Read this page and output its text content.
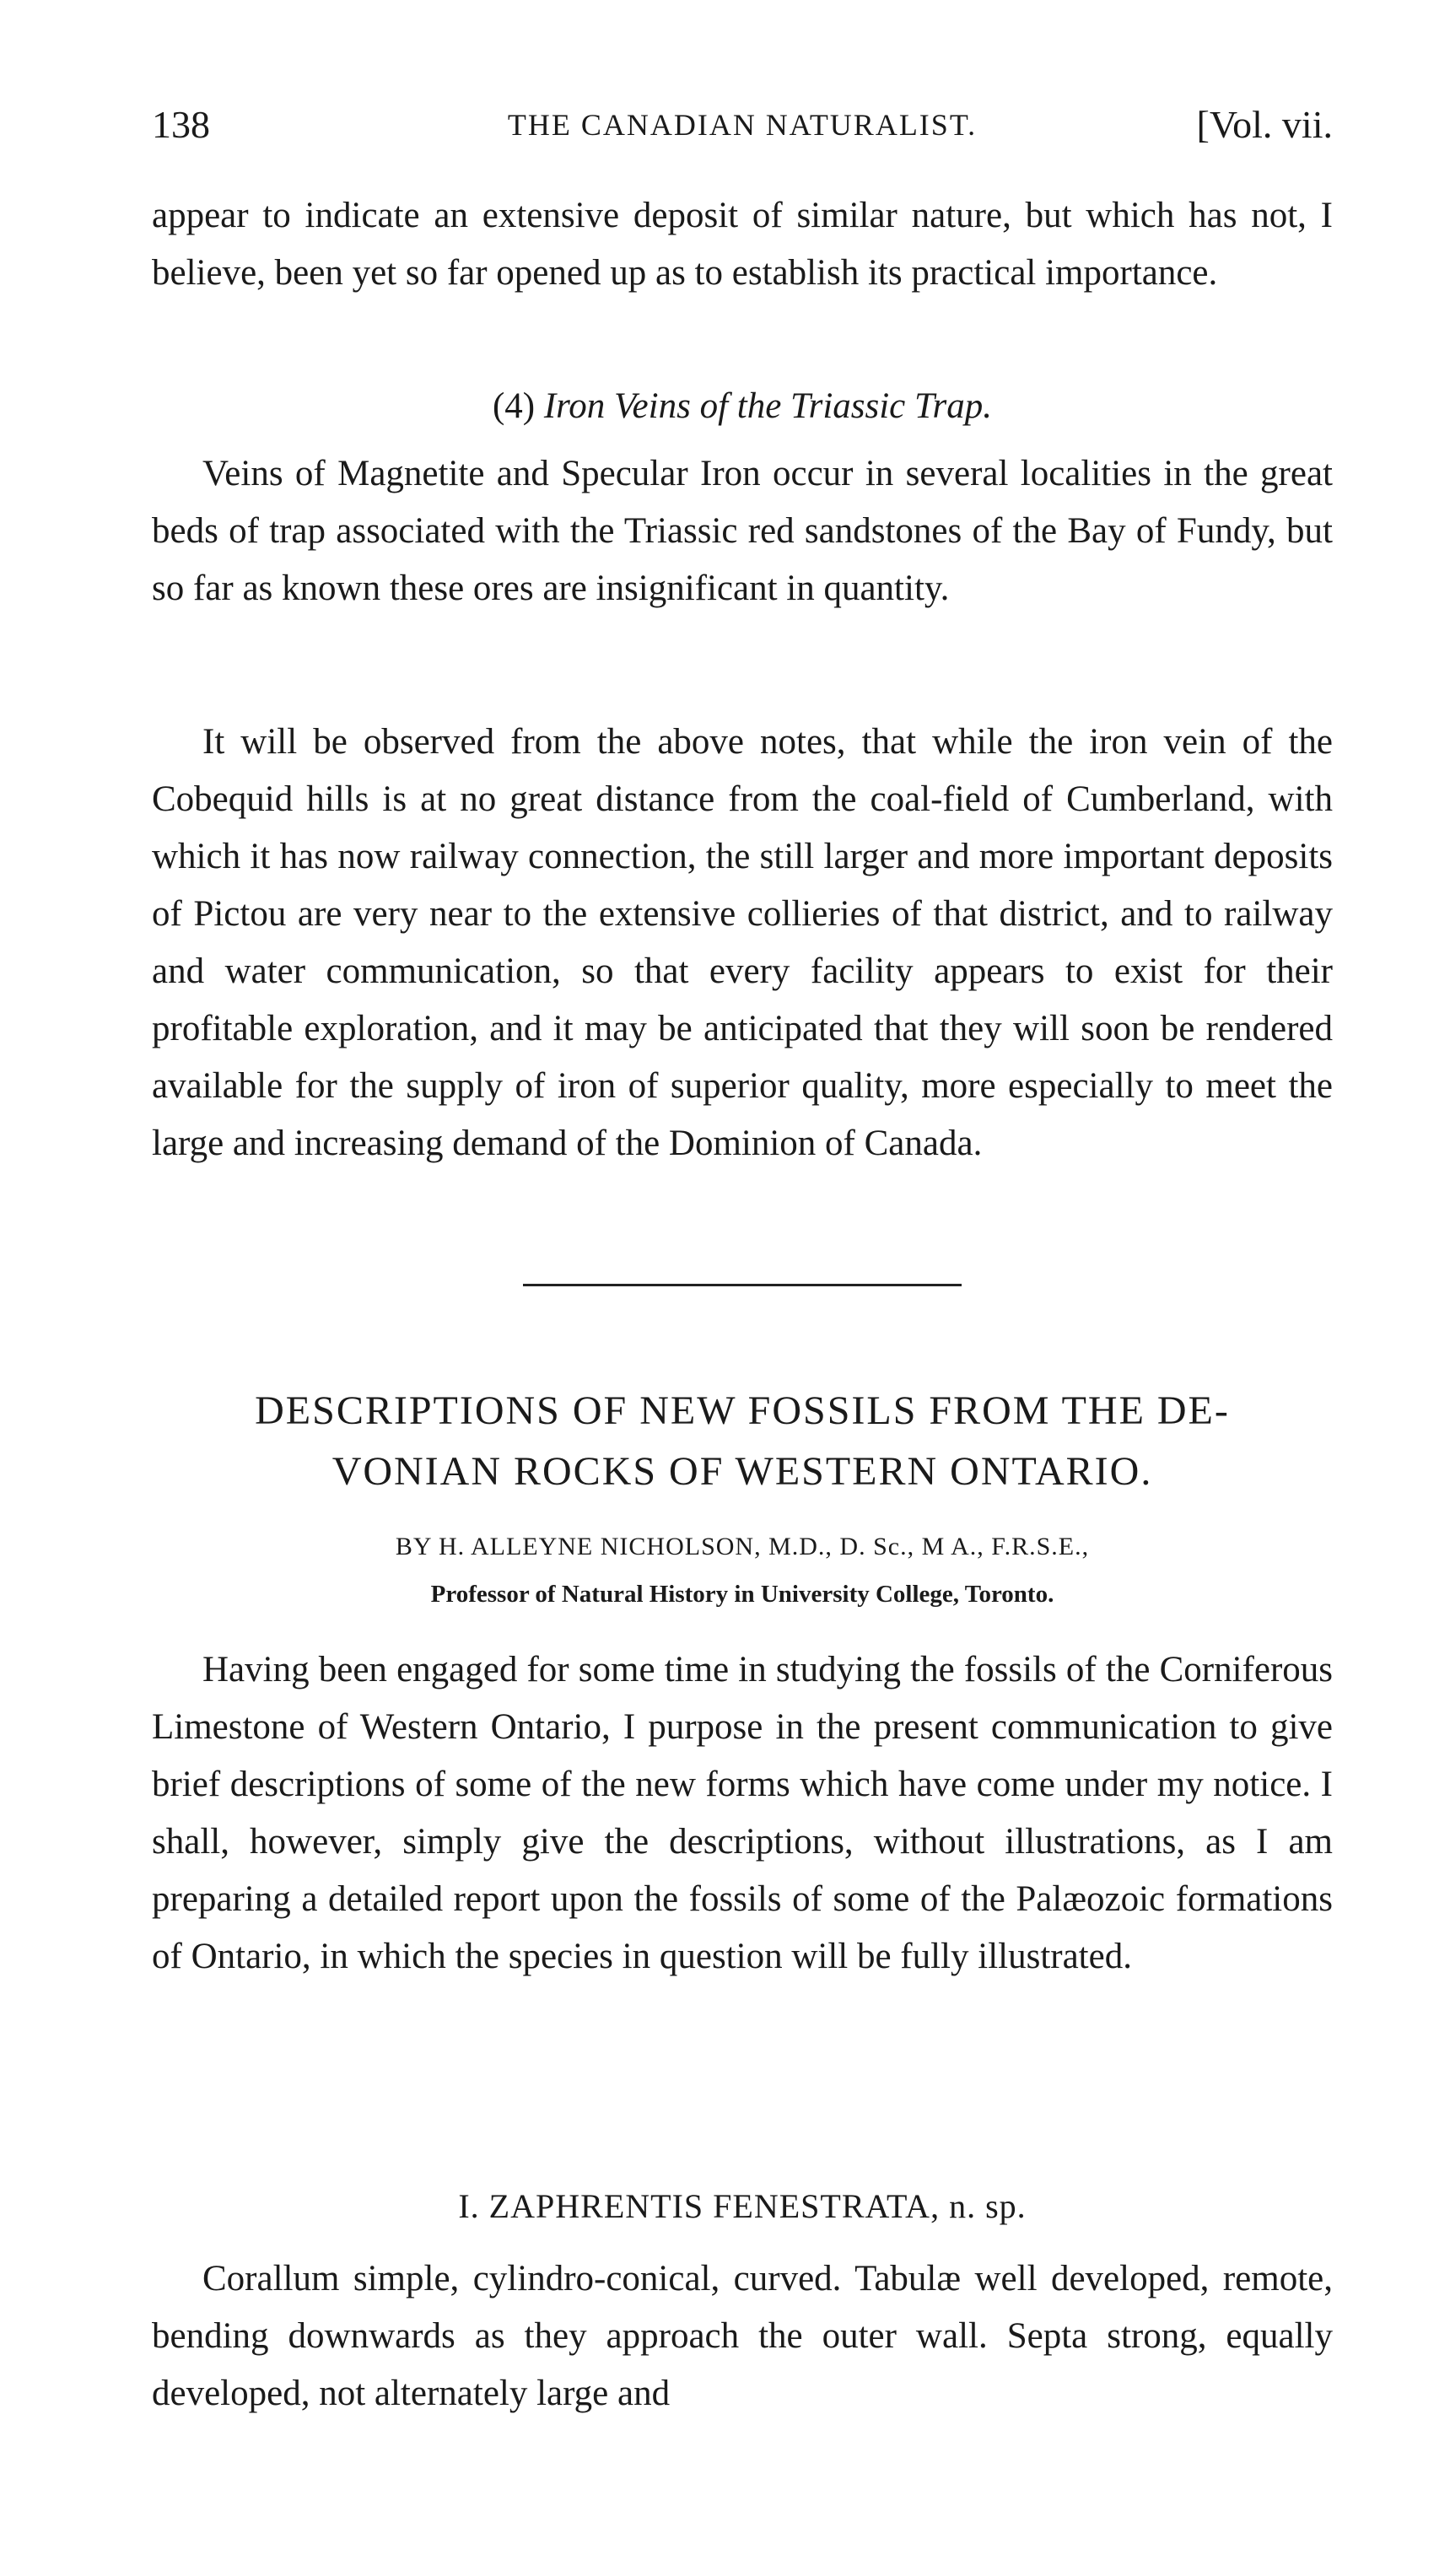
138	THE CANADIAN NATURALIST.	[Vol. vii.

appear to indicate an extensive deposit of similar nature, but which has not, I believe, been yet so far opened up as to establish its practical importance.

(4) Iron Veins of the Triassic Trap.

Veins of Magnetite and Specular Iron occur in several localities in the great beds of trap associated with the Triassic red sandstones of the Bay of Fundy, but so far as known these ores are insignificant in quantity.

It will be observed from the above notes, that while the iron vein of the Cobequid hills is at no great distance from the coal-field of Cumberland, with which it has now railway connection, the still larger and more important deposits of Pictou are very near to the extensive collieries of that district, and to railway and water communication, so that every facility appears to exist for their profitable exploration, and it may be anticipated that they will soon be rendered available for the supply of iron of superior quality, more especially to meet the large and increasing demand of the Dominion of Canada.

DESCRIPTIONS OF NEW FOSSILS FROM THE DE-
VONIAN ROCKS OF WESTERN ONTARIO.
BY H. ALLEYNE NICHOLSON, M.D., D. Sc., M A., F.R.S.E.,
Professor of Natural History in University College, Toronto.

Having been engaged for some time in studying the fossils of the Corniferous Limestone of Western Ontario, I purpose in the present communication to give brief descriptions of some of the new forms which have come under my notice. I shall, however, simply give the descriptions, without illustrations, as I am preparing a detailed report upon the fossils of some of the Palæozoic formations of Ontario, in which the species in question will be fully illustrated.

I. ZAPHRENTIS FENESTRATA, n. sp.

Corallum simple, cylindro-conical, curved. Tabulæ well developed, remote, bending downwards as they approach the outer wall. Septa strong, equally developed, not alternately large and
